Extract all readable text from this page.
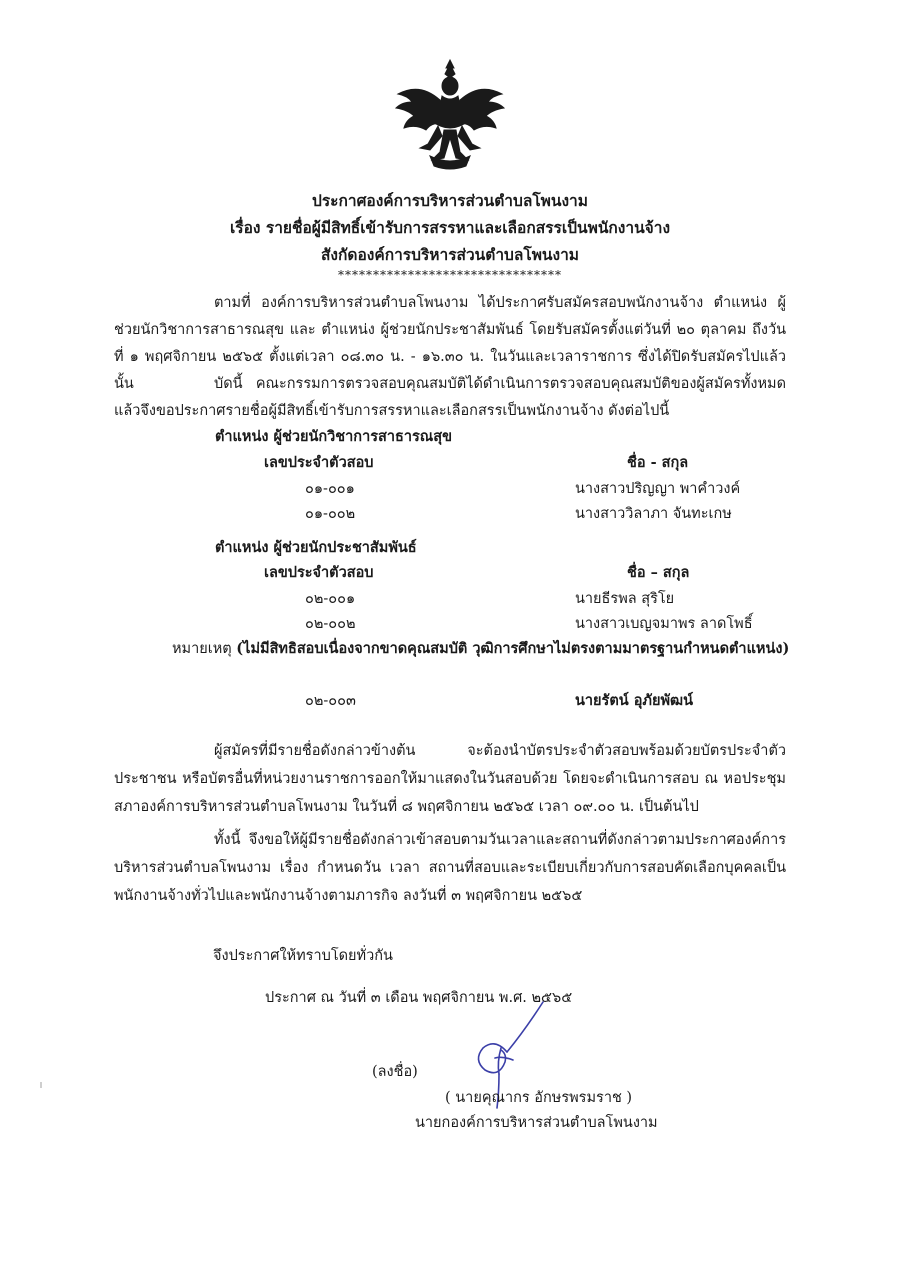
ประกาศองค์การบริหารส่วนตำบลโพนงาม
เรื่อง รายชื่อผู้มีสิทธิ์เข้ารับการสรรหาและเลือกสรรเป็นพนักงานจ้าง
สังกัดองค์การบริหารส่วนตำบลโพนงาม
********************************
ตามที่ องค์การบริหารส่วนตำบลโพนงาม ได้ประกาศรับสมัครสอบพนักงานจ้าง ตำแหน่ง ผู้ช่วยนักวิชาการสาธารณสุข และ ตำแหน่ง ผู้ช่วยนักประชาสัมพันธ์ โดยรับสมัครตั้งแต่วันที่ ๒๐ ตุลาคม ถึงวันที่ ๑ พฤศจิกายน ๒๕๖๕ ตั้งแต่เวลา ๐๘.๓๐ น. - ๑๖.๓๐ น. ในวันและเวลาราชการ ซึ่งได้ปิดรับสมัครไปแล้วนั้น	บัดนี้ คณะกรรมการตรวจสอบคุณสมบัติได้ดำเนินการตรวจสอบคุณสมบัติของผู้สมัครทั้งหมด แล้วจึงขอประกาศรายชื่อผู้มีสิทธิ์เข้ารับการสรรหาและเลือกสรรเป็นพนักงานจ้าง ดังต่อไปนี้
ตำแหน่ง ผู้ช่วยนักวิชาการสาธารณสุข
เลขประจำตัวสอบ	ชื่อ - สกุล
๐๑-๐๐๑	นางสาวปริญญา พาคำวงค์
๐๑-๐๐๒	นางสาววิลาภา จันทะเกษ
ตำแหน่ง ผู้ช่วยนักประชาสัมพันธ์
เลขประจำตัวสอบ	ชื่อ – สกุล
๐๒-๐๐๑	นายธีรพล สุริโย
๐๒-๐๐๒	นางสาวเบญจมาพร ลาดโพธิ์
หมายเหตุ (ไม่มีสิทธิสอบเนื่องจากขาดคุณสมบัติ วุฒิการศึกษาไม่ตรงตามมาตรฐานกำหนดตำแหน่ง)
๐๒-๐๐๓	นายรัตน์ อุภัยพัฒน์
ผู้สมัครที่มีรายชื่อดังกล่าวข้างต้น จะต้องนำบัตรประจำตัวสอบพร้อมด้วยบัตรประจำตัว ประชาชน หรือบัตรอื่นที่หน่วยงานราชการออกให้มาแสดงในวันสอบด้วย โดยจะดำเนินการสอบ ณ หอประชุม สภาองค์การบริหารส่วนตำบลโพนงาม ในวันที่ ๘ พฤศจิกายน ๒๕๖๕ เวลา ๐๙.๐๐ น. เป็นต้นไป
ทั้งนี้ จึงขอให้ผู้มีรายชื่อดังกล่าวเข้าสอบตามวันเวลาและสถานที่ดังกล่าวตามประกาศองค์การ บริหารส่วนตำบลโพนงาม เรื่อง กำหนดวัน เวลา สถานที่สอบและระเบียบเกี่ยวกับการสอบคัดเลือกบุคคลเป็น พนักงานจ้างทั่วไปและพนักงานจ้างตามภารกิจ ลงวันที่ ๓ พฤศจิกายน ๒๕๖๕
จึงประกาศให้ทราบโดยทั่วกัน
ประกาศ ณ วันที่ ๓ เดือน พฤศจิกายน พ.ศ. ๒๕๖๕
(ลงชื่อ)
( นายคุณากร อักษรพรมราช )
นายกองค์การบริหารส่วนตำบลโพนงาม
